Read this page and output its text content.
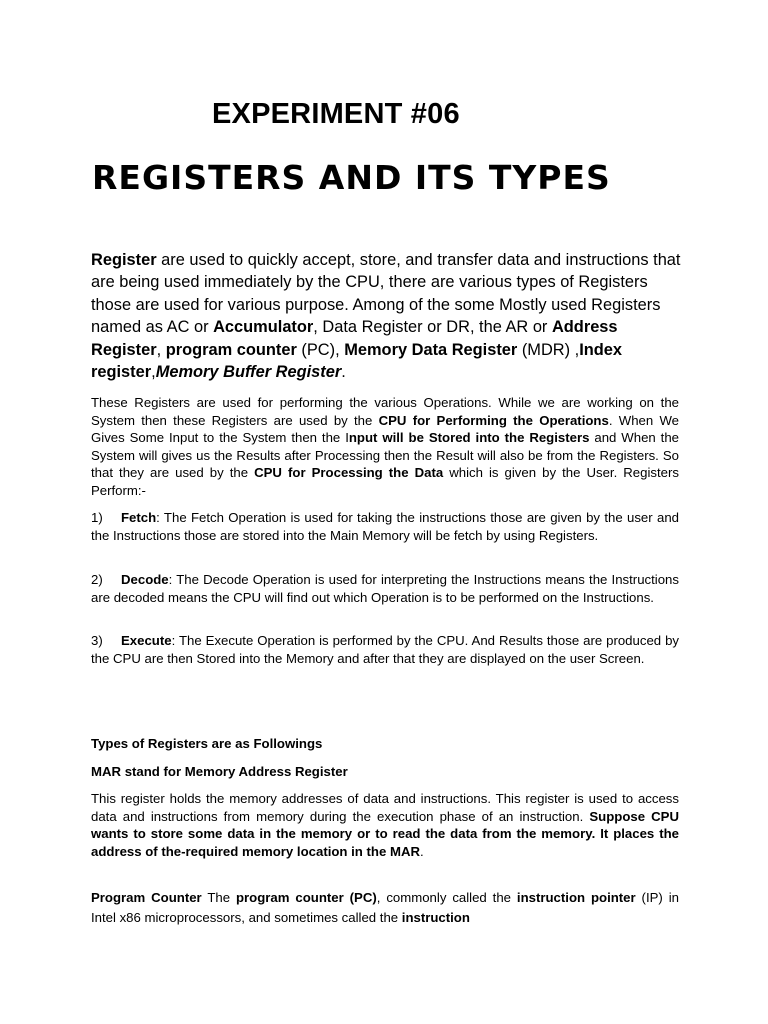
EXPERIMENT #06
REGISTERS AND ITS TYPES

Register are used to quickly accept, store, and transfer data and instructions that are being used immediately by the CPU, there are various types of Registers those are used for various purpose. Among of the some Mostly used Registers named as AC or Accumulator, Data Register or DR, the AR or Address Register, program counter (PC), Memory Data Register (MDR) ,Index register,Memory Buffer Register.

These Registers are used for performing the various Operations. While we are working on the System then these Registers are used by the CPU for Performing the Operations. When We Gives Some Input to the System then the Input will be Stored into the Registers and When the System will gives us the Results after Processing then the Result will also be from the Registers. So that they are used by the CPU for Processing the Data which is given by the User. Registers Perform:-

1) Fetch: The Fetch Operation is used for taking the instructions those are given by the user and the Instructions those are stored into the Main Memory will be fetch by using Registers.

2) Decode: The Decode Operation is used for interpreting the Instructions means the Instructions are decoded means the CPU will find out which Operation is to be performed on the Instructions.

3) Execute: The Execute Operation is performed by the CPU. And Results those are produced by the CPU are then Stored into the Memory and after that they are displayed on the user Screen.

Types of Registers are as Followings

MAR stand for Memory Address Register

This register holds the memory addresses of data and instructions. This register is used to access data and instructions from memory during the execution phase of an instruction. Suppose CPU wants to store some data in the memory or to read the data from the memory. It places the address of the-required memory location in the MAR.

Program Counter The program counter (PC), commonly called the instruction pointer (IP) in Intel x86 microprocessors, and sometimes called the instruction
